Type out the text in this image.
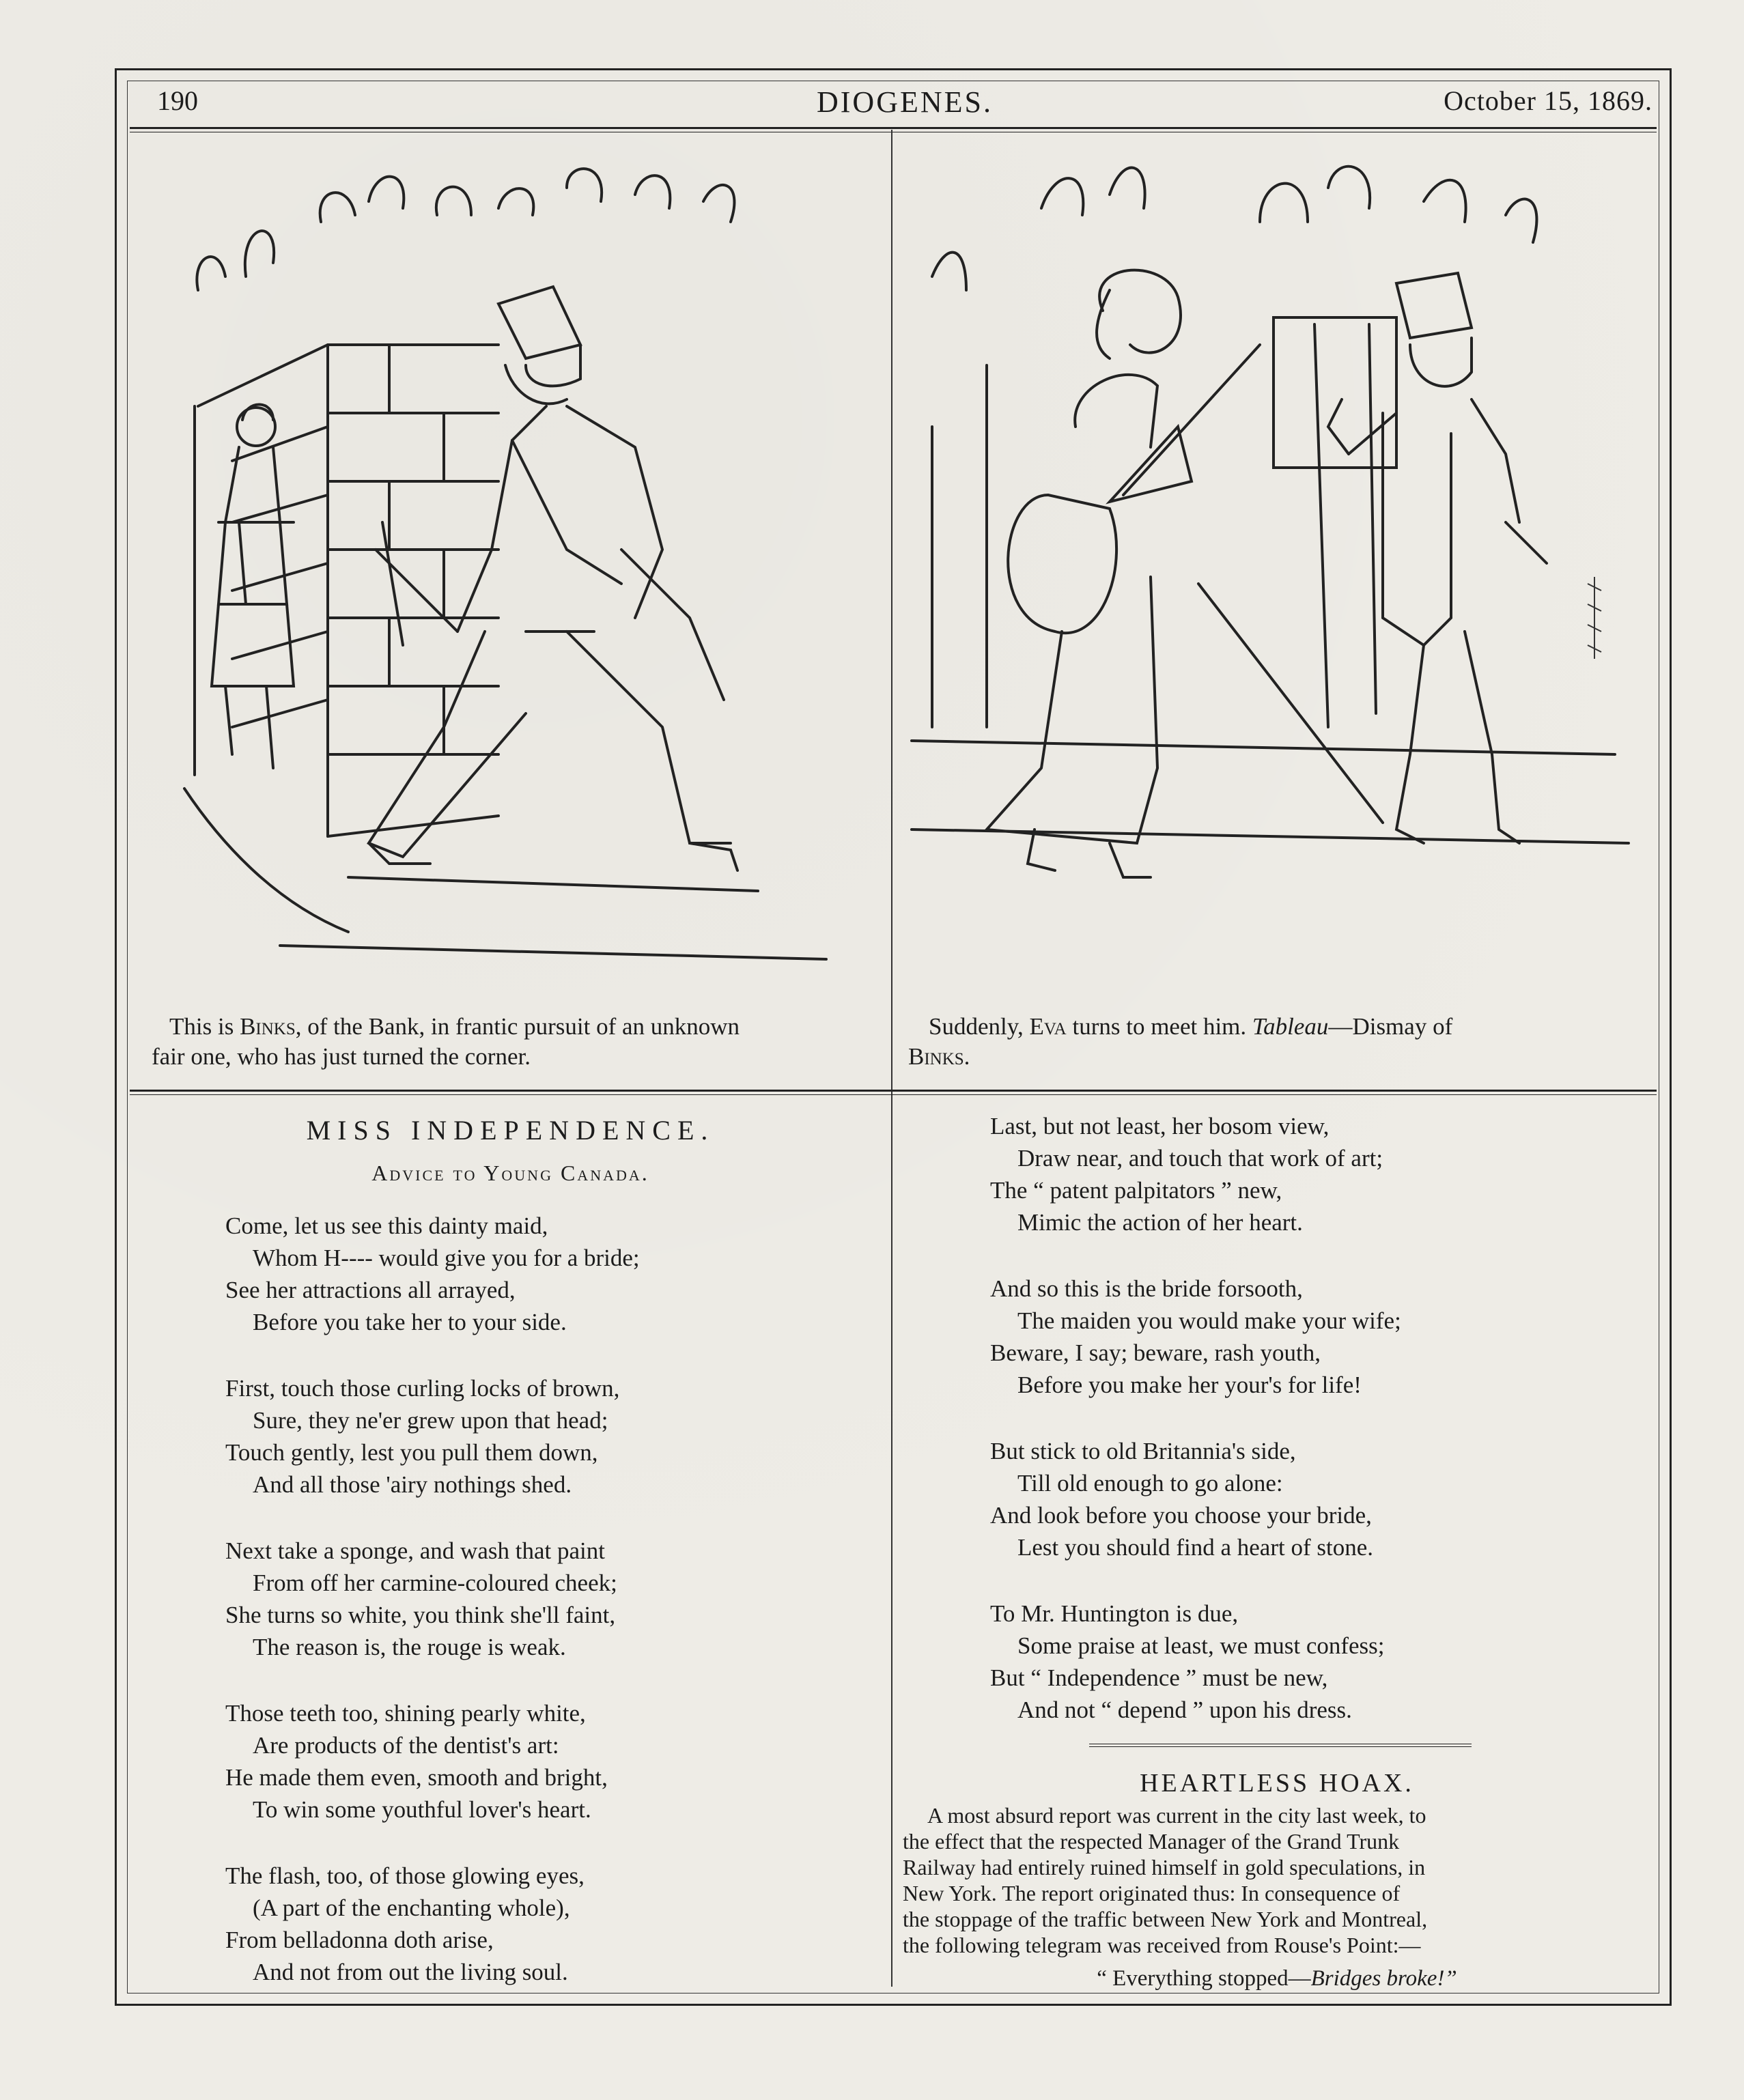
190	DIOGENES.	October 15, 1869.
This is Binks, of the Bank, in frantic pursuit of an unknown
fair one, who has just turned the corner.
Suddenly, Eva turns to meet him. Tableau—Dismay of
Binks.
MISS INDEPENDENCE.
Advice to Young Canada.
Come, let us see this dainty maid,
Whom H---- would give you for a bride;
See her attractions all arrayed,
Before you take her to your side.
First, touch those curling locks of brown,
Sure, they ne'er grew upon that head;
Touch gently, lest you pull them down,
And all those 'airy nothings shed.
Next take a sponge, and wash that paint
From off her carmine-coloured cheek;
She turns so white, you think she'll faint,
The reason is, the rouge is weak.
Those teeth too, shining pearly white,
Are products of the dentist's art:
He made them even, smooth and bright,
To win some youthful lover's heart.
The flash, too, of those glowing eyes,
(A part of the enchanting whole),
From belladonna doth arise,
And not from out the living soul.
Last, but not least, her bosom view,
Draw near, and touch that work of art;
The “ patent palpitators ” new,
Mimic the action of her heart.
And so this is the bride forsooth,
The maiden you would make your wife;
Beware, I say; beware, rash youth,
Before you make her your's for life!
But stick to old Britannia's side,
Till old enough to go alone:
And look before you choose your bride,
Lest you should find a heart of stone.
To Mr. Huntington is due,
Some praise at least, we must confess;
But “ Independence ” must be new,
And not “ depend ” upon his dress.
HEARTLESS HOAX.
A most absurd report was current in the city last week, to
the effect that the respected Manager of the Grand Trunk
Railway had entirely ruined himself in gold speculations, in
New York. The report originated thus: In consequence of
the stoppage of the traffic between New York and Montreal,
the following telegram was received from Rouse's Point:—
“ Everything stopped—Bridges broke!”
